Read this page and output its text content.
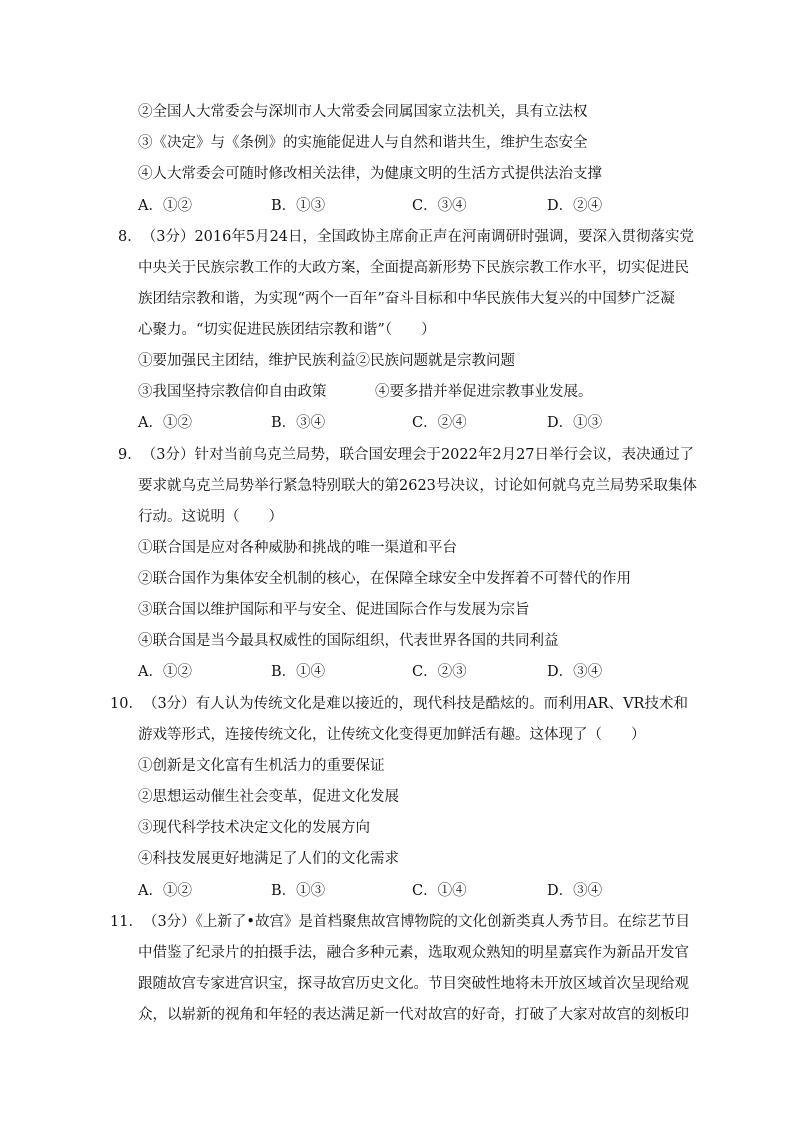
②全国人大常委会与深圳市人大常委会同属国家立法机关，具有立法权
③《决定》与《条例》的实施能促进人与自然和谐共生，维护生态安全
④人大常委会可随时修改相关法律，为健康文明的生活方式提供法治支撑
A．①②	B．①③	C．③④	D．②④
8．（3分）2016年5月24日，全国政协主席俞正声在河南调研时强调，要深入贯彻落实党
中央关于民族宗教工作的大政方案，全面提高新形势下民族宗教工作水平，切实促进民
族团结宗教和谐，为实现“两个一百年”奋斗目标和中华民族伟大复兴的中国梦广泛凝
心聚力。“切实促进民族团结宗教和谐”（　　）
①要加强民主团结，维护民族利益②民族问题就是宗教问题
③我国坚持宗教信仰自由政策	④要多措并举促进宗教事业发展。
A．①②	B．③④	C．②④	D．①③
9．（3分）针对当前乌克兰局势，联合国安理会于2022年2月27日举行会议，表决通过了
要求就乌克兰局势举行紧急特别联大的第2623号决议，讨论如何就乌克兰局势采取集体
行动。这说明（　　）
①联合国是应对各种威胁和挑战的唯一渠道和平台
②联合国作为集体安全机制的核心，在保障全球安全中发挥着不可替代的作用
③联合国以维护国际和平与安全、促进国际合作与发展为宗旨
④联合国是当今最具权威性的国际组织，代表世界各国的共同利益
A．①②	B．①④	C．②③	D．③④
10．（3分）有人认为传统文化是难以接近的，现代科技是酷炫的。而利用AR、VR技术和
游戏等形式，连接传统文化，让传统文化变得更加鲜活有趣。这体现了（　　）
①创新是文化富有生机活力的重要保证
②思想运动催生社会变革，促进文化发展
③现代科学技术决定文化的发展方向
④科技发展更好地满足了人们的文化需求
A．①②	B．①③	C．①④	D．③④
11．（3分）《上新了•故宫》是首档聚焦故宫博物院的文化创新类真人秀节目。在综艺节目
中借鉴了纪录片的拍摄手法，融合多种元素，选取观众熟知的明星嘉宾作为新品开发官
跟随故宫专家进宫识宝，探寻故宫历史文化。节目突破性地将未开放区域首次呈现给观
众，以崭新的视角和年轻的表达满足新一代对故宫的好奇，打破了大家对故宫的刻板印
